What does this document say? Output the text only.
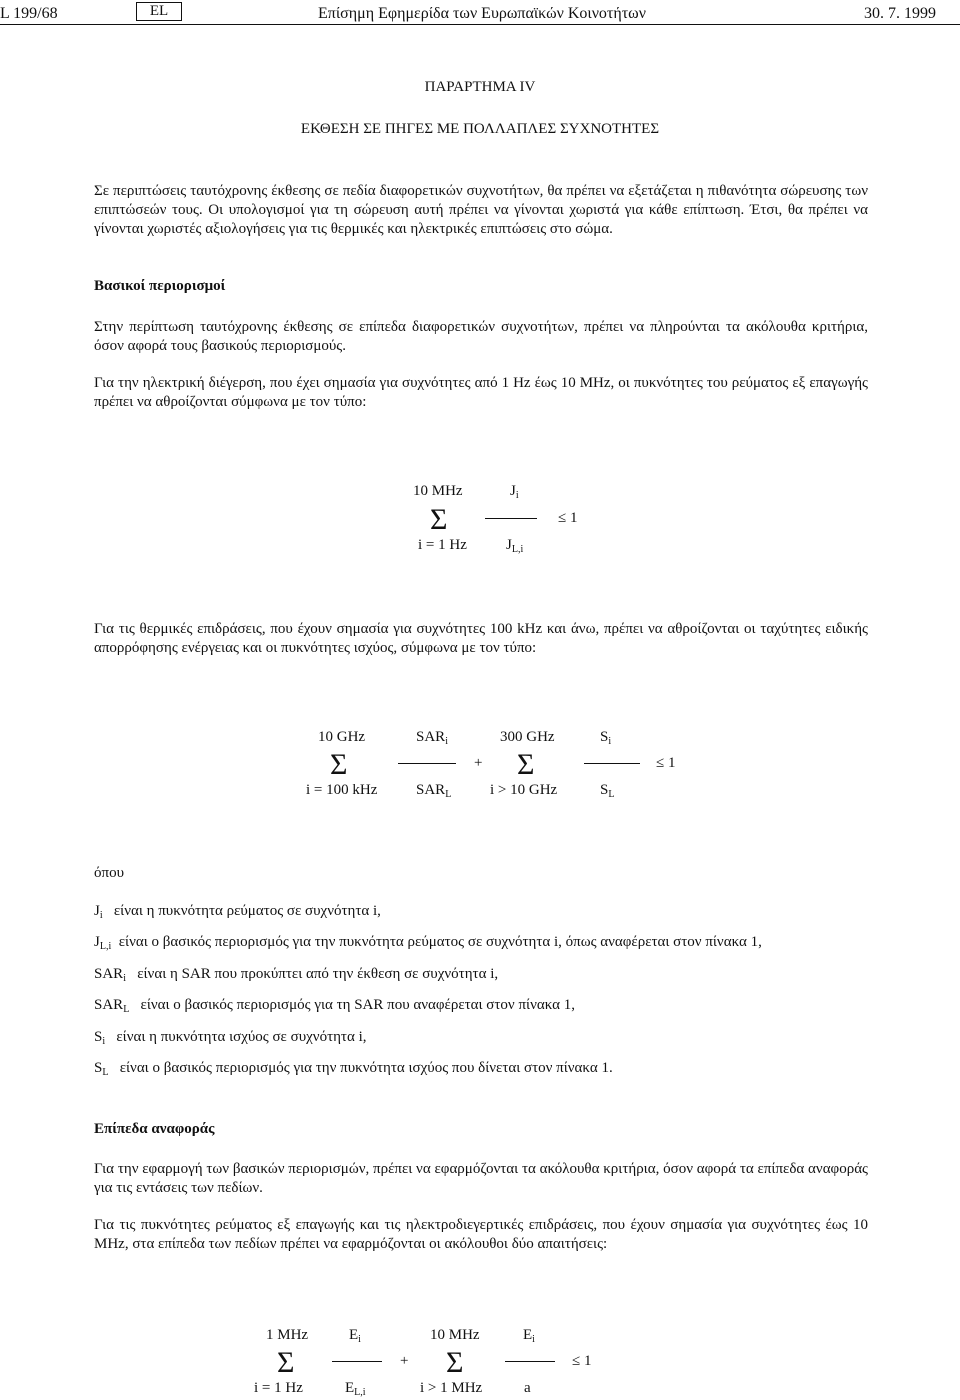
L 199/68	EL	Επίσημη Εφημερίδα των Ευρωπαϊκών Κοινοτήτων	30. 7. 1999
ΠΑΡΑΡΤΗΜΑ IV
ΕΚΘΕΣΗ ΣΕ ΠΗΓΕΣ ΜΕ ΠΟΛΛΑΠΛΕΣ ΣΥΧΝΟΤΗΤΕΣ

Σε περιπτώσεις ταυτόχρονης έκθεσης σε πεδία διαφορετικών συχνοτήτων, θα πρέπει να εξετάζεται η πιθανότητα σώρευσης των επιπτώσεών τους. Οι υπολογισμοί για τη σώρευση αυτή πρέπει να γίνονται χωριστά για κάθε επίπτωση. Έτσι, θα πρέπει να γίνονται χωριστές αξιολογήσεις για τις θερμικές και ηλεκτρικές επιπτώσεις στο σώμα.

Βασικοί περιορισμοί

Στην περίπτωση ταυτόχρονης έκθεσης σε επίπεδα διαφορετικών συχνοτήτων, πρέπει να πληρούνται τα ακόλουθα κριτήρια, όσον αφορά τους βασικούς περιορισμούς.

Για την ηλεκτρική διέγερση, που έχει σημασία για συχνότητες από 1 Hz έως 10 MHz, οι πυκνότητες του ρεύματος εξ επαγωγής πρέπει να αθροίζονται σύμφωνα με τον τύπο:

10 MHz
Σ
i = 1 Hz
$J_i$
$J_{L,i}$
≤ 1

Για τις θερμικές επιδράσεις, που έχουν σημασία για συχνότητες 100 kHz και άνω, πρέπει να αθροίζονται οι ταχύτητες ειδικής απορρόφησης ενέργειας και οι πυκνότητες ισχύος, σύμφωνα με τον τύπο:

10 GHz
Σ
i = 100 kHz
$SAR_i$
$SAR_L$
+
300 GHz
Σ
i > 10 GHz
$S_i$
$S_L$
≤ 1
όπου
$J_i$ είναι η πυκνότητα ρεύματος σε συχνότητα i,
$J_{L,i}$ είναι ο βασικός περιορισμός για την πυκνότητα ρεύματος σε συχνότητα i, όπως αναφέρεται στον πίνακα 1,
$SAR_i$ είναι η SAR που προκύπτει από την έκθεση σε συχνότητα i,
$SAR_L$ είναι ο βασικός περιορισμός για τη SAR που αναφέρεται στον πίνακα 1,
$S_i$ είναι η πυκνότητα ισχύος σε συχνότητα i,
$S_L$ είναι ο βασικός περιορισμός για την πυκνότητα ισχύος που δίνεται στον πίνακα 1.
Επίπεδα αναφοράς

Για την εφαρμογή των βασικών περιορισμών, πρέπει να εφαρμόζονται τα ακόλουθα κριτήρια, όσον αφορά τα επίπεδα αναφοράς για τις εντάσεις των πεδίων.

Για τις πυκνότητες ρεύματος εξ επαγωγής και τις ηλεκτροδιεγερτικές επιδράσεις, που έχουν σημασία για συχνότητες έως 10 MHz, στα επίπεδα των πεδίων πρέπει να εφαρμόζονται οι ακόλουθοι δύο απαιτήσεις:

1 MHz
Σ
i = 1 Hz
$E_i$
$E_{L,i}$
+
10 MHz
Σ
i > 1 MHz
$E_i$
a
≤ 1
